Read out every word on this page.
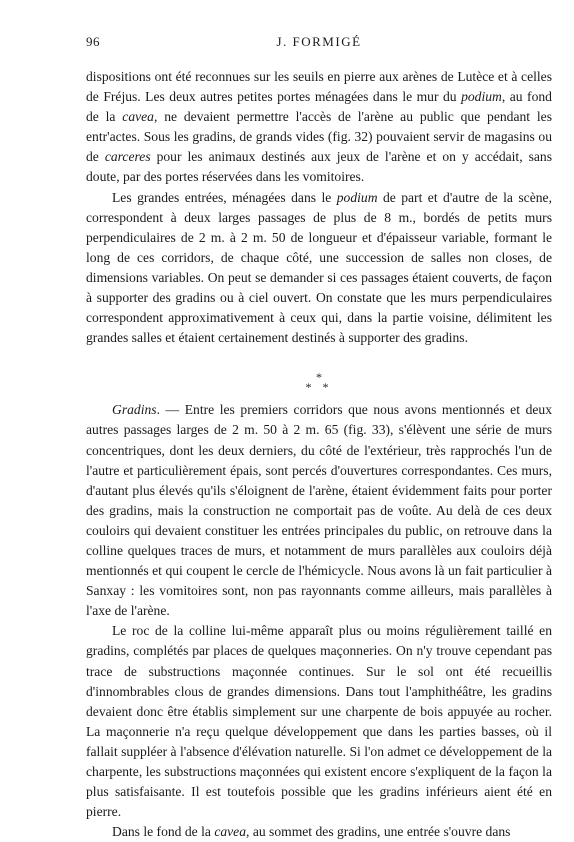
96	J. FORMIGÉ

dispositions ont été reconnues sur les seuils en pierre aux arènes de Lutèce et à celles de Fréjus. Les deux autres petites portes ménagées dans le mur du podium, au fond de la cavea, ne devaient permettre l'accès de l'arène au public que pendant les entr'actes. Sous les gradins, de grands vides (fig. 32) pouvaient servir de magasins ou de carceres pour les animaux destinés aux jeux de l'arène et on y accédait, sans doute, par des portes réservées dans les vomitoires.

Les grandes entrées, ménagées dans le podium de part et d'autre de la scène, correspondent à deux larges passages de plus de 8 m., bordés de petits murs perpendiculaires de 2 m. à 2 m. 50 de longueur et d'épaisseur variable, formant le long de ces corridors, de chaque côté, une succession de salles non closes, de dimensions variables. On peut se demander si ces passages étaient couverts, de façon à supporter des gradins ou à ciel ouvert. On constate que les murs perpendiculaires correspondent approximativement à ceux qui, dans la partie voisine, délimitent les grandes salles et étaient certainement destinés à supporter des gradins.

*
* *

Gradins. — Entre les premiers corridors que nous avons mentionnés et deux autres passages larges de 2 m. 50 à 2 m. 65 (fig. 33), s'élèvent une série de murs concentriques, dont les deux derniers, du côté de l'extérieur, très rapprochés l'un de l'autre et particulièrement épais, sont percés d'ouvertures correspondantes. Ces murs, d'autant plus élevés qu'ils s'éloignent de l'arène, étaient évidemment faits pour porter des gradins, mais la construction ne comportait pas de voûte. Au delà de ces deux couloirs qui devaient constituer les entrées principales du public, on retrouve dans la colline quelques traces de murs, et notamment de murs parallèles aux couloirs déjà mentionnés et qui coupent le cercle de l'hémicycle. Nous avons là un fait particulier à Sanxay : les vomitoires sont, non pas rayonnants comme ailleurs, mais parallèles à l'axe de l'arène.

Le roc de la colline lui-même apparaît plus ou moins régulièrement taillé en gradins, complétés par places de quelques maçonneries. On n'y trouve cependant pas trace de substructions maçonnée continues. Sur le sol ont été recueillis d'innombrables clous de grandes dimensions. Dans tout l'amphithéâtre, les gradins devaient donc être établis simplement sur une charpente de bois appuyée au rocher. La maçonnerie n'a reçu quelque développement que dans les parties basses, où il fallait suppléer à l'absence d'élévation naturelle. Si l'on admet ce développement de la charpente, les substructions maçonnées qui existent encore s'expliquent de la façon la plus satisfaisante. Il est toutefois possible que les gradins inférieurs aient été en pierre.

Dans le fond de la cavea, au sommet des gradins, une entrée s'ouvre dans
